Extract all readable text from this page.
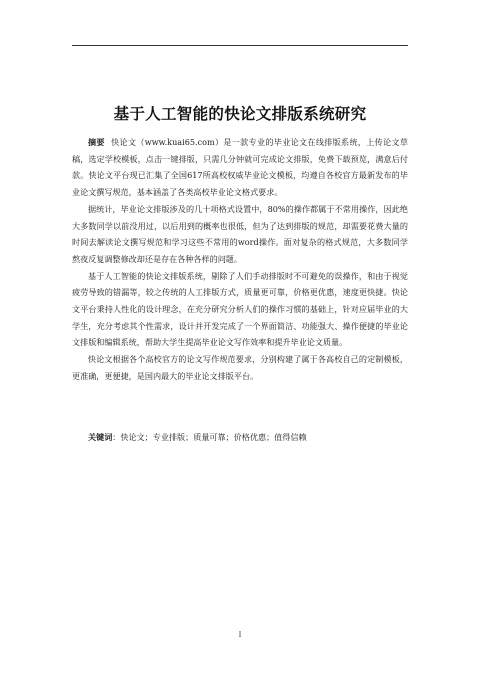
基于人工智能的快论文排版系统研究

摘要 快论文（www.kuai65.com）是一款专业的毕业论文在线排版系统，上传论文草稿，选定学校模板，点击一键排版，只需几分钟就可完成论文排版，免费下载预览，满意后付款。快论文平台现已汇集了全国617所高校权威毕业论文模板，均遵自各校官方最新发布的毕业论文撰写规范，基本涵盖了各类高校毕业论文格式要求。

据统计，毕业论文排版涉及的几十项格式设置中，80%的操作都属于不常用操作，因此绝大多数同学以前没用过，以后用到的概率也很低，但为了达到排版的规范，却需要花费大量的时间去解读论文撰写规范和学习这些不常用的word操作。面对复杂的格式规范，大多数同学熬夜反复调整修改却还是存在各种各样的问题。

基于人工智能的快论文排版系统，剔除了人们手动排版时不可避免的误操作，和由于视觉疲劳导致的错漏等，较之传统的人工排版方式，质量更可靠，价格更优惠，速度更快捷。快论文平台秉持人性化的设计理念，在充分研究分析人们的操作习惯的基础上，针对应届毕业的大学生，充分考虑其个性需求，设计并开发完成了一个界面简洁、功能强大、操作便捷的毕业论文排版和编辑系统，帮助大学生提高毕业论文写作效率和提升毕业论文质量。

快论文根据各个高校官方的论文写作规范要求，分别构建了属于各高校自己的定制模板，更准确，更便捷，是国内最大的毕业论文排版平台。

关键词：快论文；专业排版；质量可靠；价格优惠；值得信赖
I
